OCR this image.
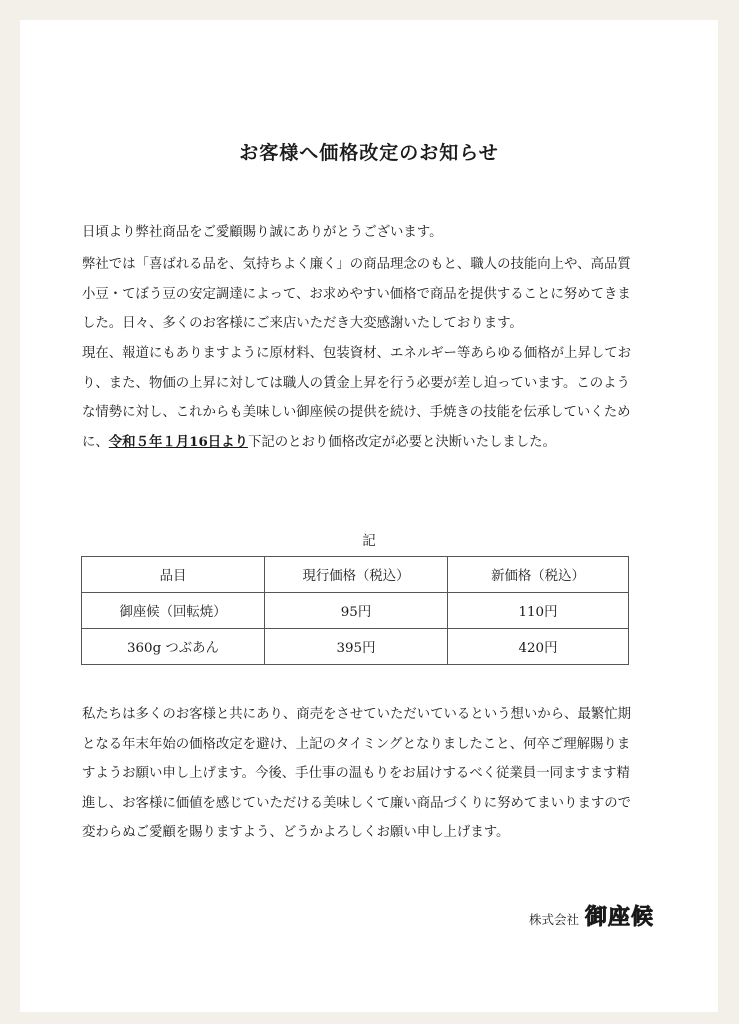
お客様へ価格改定のお知らせ

日頃より弊社商品をご愛顧賜り誠にありがとうございます。

弊社では「喜ばれる品を、気持ちよく廉く」の商品理念のもと、職人の技能向上や、高品質小豆・てぼう豆の安定調達によって、お求めやすい価格で商品を提供することに努めてきました。日々、多くのお客様にご来店いただき大変感謝いたしております。

現在、報道にもありますように原材料、包装資材、エネルギー等あらゆる価格が上昇しており、また、物価の上昇に対しては職人の賃金上昇を行う必要が差し迫っています。このような情勢に対し、これからも美味しい御座候の提供を続け、手焼きの技能を伝承していくために、令和５年１月16日より下記のとおり価格改定が必要と決断いたしました。

記

品目	現行価格（税込）	新価格（税込）
御座候（回転焼）	95円	110円
360g つぶあん	395円	420円

私たちは多くのお客様と共にあり、商売をさせていただいているという想いから、最繁忙期となる年末年始の価格改定を避け、上記のタイミングとなりましたこと、何卒ご理解賜りますようお願い申し上げます。今後、手仕事の温もりをお届けするべく従業員一同ますます精進し、お客様に価値を感じていただける美味しくて廉い商品づくりに努めてまいりますので変わらぬご愛顧を賜りますよう、どうかよろしくお願い申し上げます。

株式会社 御座候
